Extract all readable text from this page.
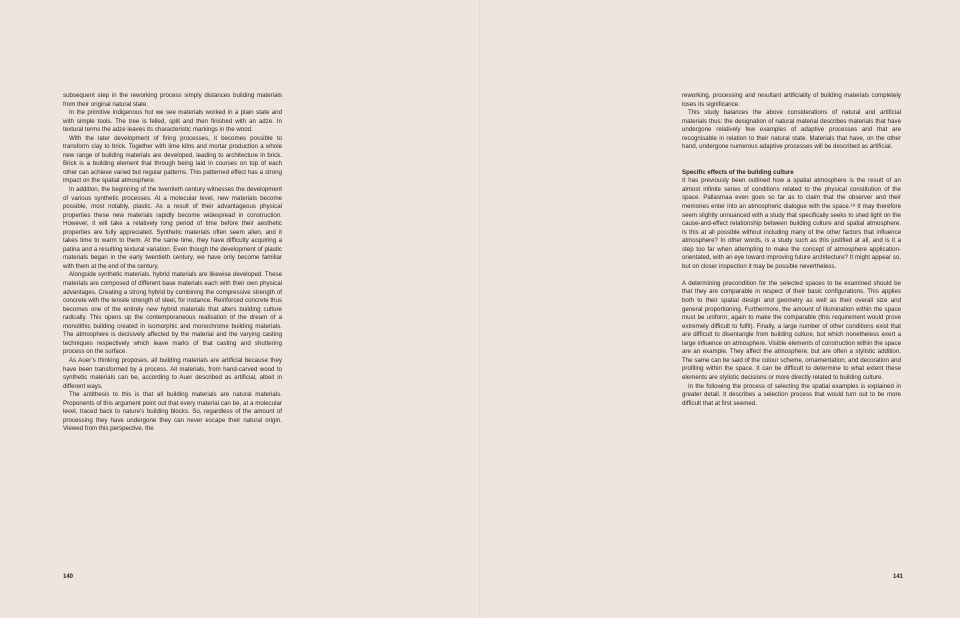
subsequent step in the reworking process simply distances building materials from their original natural state.

In the primitive indigenous hut we see materials worked in a plain state and with simple tools. The tree is felled, split and then finished with an adze. In textural terms the adze leaves its characteristic markings in the wood.

With the later development of firing processes, it becomes possible to transform clay to brick. Together with lime kilns and mortar production a whole new range of building materials are developed, leading to architecture in brick. Brick is a building element that through being laid in courses on top of each other can achieve varied but regular patterns. This patterned effect has a strong impact on the spatial atmosphere.

In addition, the beginning of the twentieth century witnesses the development of various synthetic processes. At a molecular level, new materials become possible, most notably, plastic. As a result of their advantageous physical properties these new materials rapidly become widespread in construction. However, it will take a relatively long period of time before their aesthetic properties are fully appreciated. Synthetic materials often seem alien, and it takes time to warm to them. At the same time, they have difficulty acquiring a patina and a resulting textural variation. Even though the development of plastic materials began in the early twentieth century, we have only become familiar with them at the end of the century.

Alongside synthetic materials, hybrid materials are likewise developed. These materials are composed of different base materials each with their own physical advantages. Creating a strong hybrid by combining the compressive strength of concrete with the tensile strength of steel, for instance. Reinforced concrete thus becomes one of the entirely new hybrid materials that alters building culture radically. This opens up the contemporaneous realisation of the dream of a monolithic building created in isomorphic and monochrome building materials. The atmosphere is decisively affected by the material and the varying casting techniques respectively which leave marks of that casting and shuttering process on the surface.

As Auer’s thinking proposes, all building materials are artificial because they have been transformed by a process. All materials, from hand-carved wood to synthetic materials can be, according to Auer described as artificial, albeit in different ways.

The antithesis to this is that all building materials are natural materials. Proponents of this argument point out that every material can be, at a molecular level, traced back to nature’s building blocks. So, regardless of the amount of processing they have undergone they can never escape their natural origin. Viewed from this perspective, the

140

reworking, processing and resultant artificiality of building materials completely loses its significance.

This study balances the above considerations of natural and artificial materials thus: the designation of natural material describes materials that have undergone relatively few examples of adaptive processes and that are recognisable in relation to their natural state. Materials that have, on the other hand, undergone numerous adaptive processes will be described as artificial.

Specific effects of the building culture

It has previously been outlined how a spatial atmosphere is the result of an almost infinite series of conditions related to the physical constitution of the space. Pallasmaa even goes so far as to claim that the observer and their memories enter into an atmospheric dialogue with the space.¹⁸ It may therefore seem slightly unnuanced with a study that specifically seeks to shed light on the cause-and-effect relationship between building culture and spatial atmosphere. Is this at all possible without including many of the other factors that influence atmosphere? In other words, is a study such as this justified at all, and is it a step too far when attempting to make the concept of atmosphere application-orientated, with an eye toward improving future architecture? It might appear so, but on closer inspection it may be possible nevertheless.

A determining precondition for the selected spaces to be examined should be that they are comparable in respect of their basic configurations. This applies both to their spatial design and geometry as well as their overall size and general proportioning. Furthermore, the amount of illumination within the space must be uniform, again to make the comparable (this requirement would prove extremely difficult to fulfil). Finally, a large number of other conditions exist that are difficult to disentangle from building culture, but which nonetheless exert a large influence on atmosphere. Visible elements of construction within the space are an example. They affect the atmosphere, but are often a stylistic addition. The same can be said of the colour scheme, ornamentation, and decoration and profiling within the space. It can be difficult to determine to what extent these elements are stylistic decisions or more directly related to building culture.

In the following the process of selecting the spatial examples is explained in greater detail. It describes a selection process that would turn out to be more difficult that at first seemed.

141
